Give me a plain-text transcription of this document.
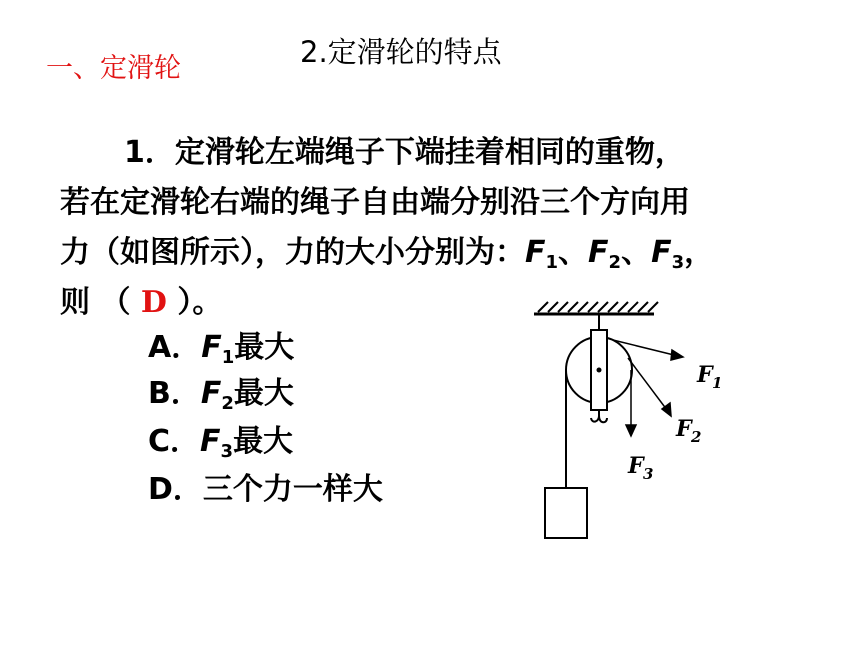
一、定滑轮	2.定滑轮的特点
1．定滑轮左端绳子下端挂着相同的重物，
若在定滑轮右端的绳子自由端分别沿三个方向用
力（如图所示），力的大小分别为：$F_1$、$F_2$、$F_3$，
则 （ D ）。
A．$F_1$最大
B．$F_2$最大
C．$F_3$最大
D．三个力一样大
F 1
F 2
F 3
